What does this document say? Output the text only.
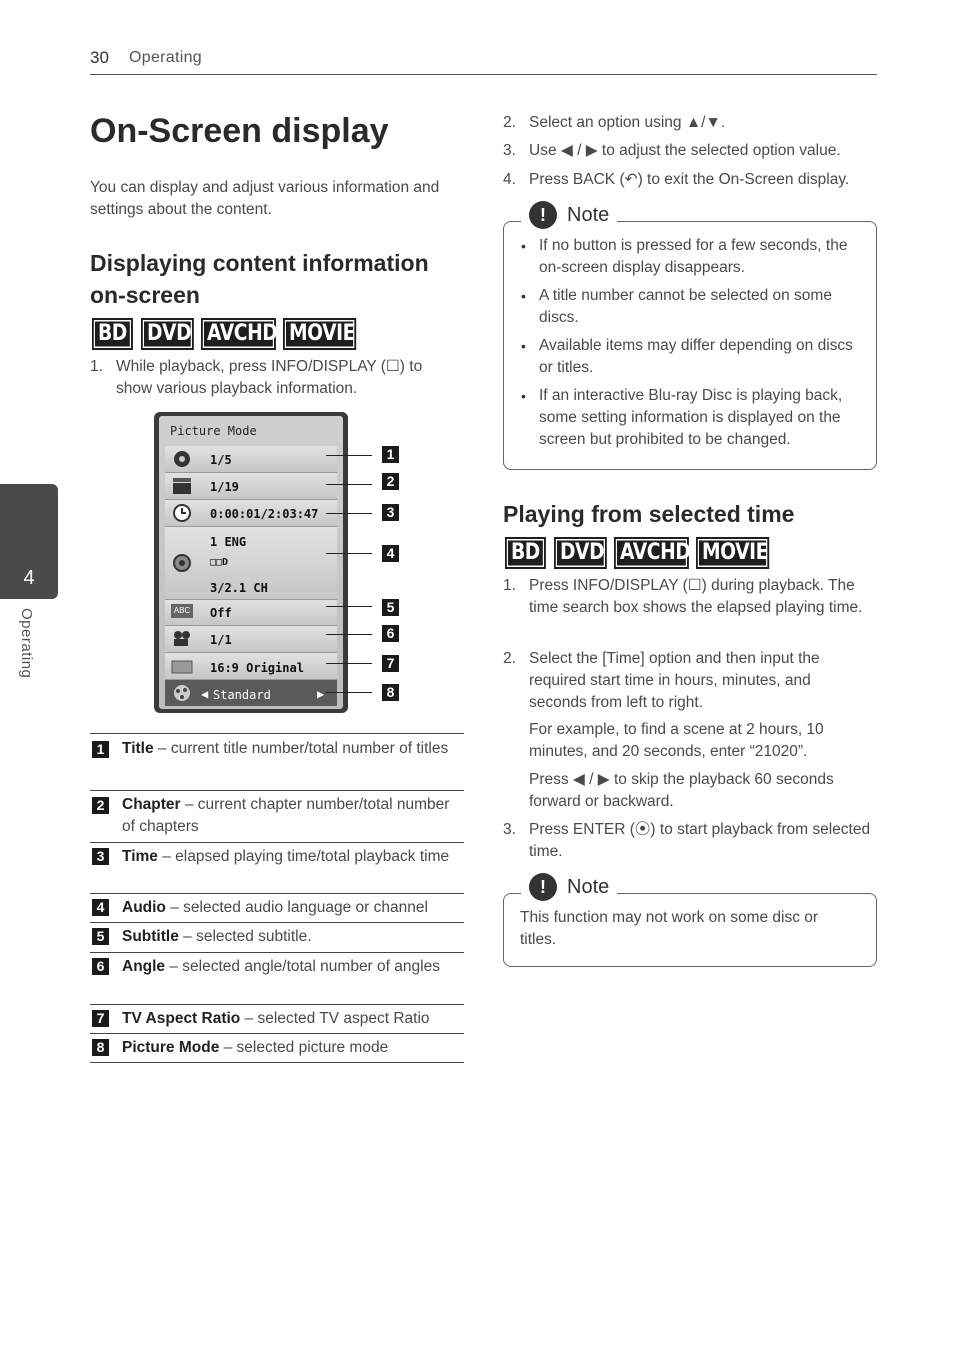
30 Operating
4
Operating
On-Screen display
You can display and adjust various information and settings about the content.
Displaying content information
on-screen
BD DVD AVCHD MOVIE
1. While playback, press INFO/DISPLAY (☐) to
show various playback information.
Picture Mode
1/5
1/19
0:00:01/2:03:47
1 ENG
□□D
3/2.1 CH
ABC Off
1/1
16:9 Original
◀ Standard	▶
1
2
3
4
5
6
7
8
1 Title – current title number/total number of titles
2 Chapter – current chapter number/total number of chapters
3 Time – elapsed playing time/total playback time
4 Audio – selected audio language or channel
5 Subtitle – selected subtitle.
6 Angle – selected angle/total number of angles
7 TV Aspect Ratio – selected TV aspect Ratio
8 Picture Mode – selected picture mode
2. Select an option using ▲/▼.
3. Use ◀ / ▶ to adjust the selected option value.
4. Press BACK (↶) to exit the On-Screen display.
• If no button is pressed for a few seconds, the on-screen display disappears.
• A title number cannot be selected on some discs.
• Available items may differ depending on discs or titles.
• If an interactive Blu-ray Disc is playing back, some setting information is displayed on the screen but prohibited to be changed.
!	Note
Playing from selected time
BD DVD AVCHD MOVIE
1. Press INFO/DISPLAY (☐) during playback. The time search box shows the elapsed playing time.
2. Select the [Time] option and then input the required start time in hours, minutes, and seconds from left to right.
For example, to find a scene at 2 hours, 10 minutes, and 20 seconds, enter “21020”.
Press ◀ / ▶ to skip the playback 60 seconds forward or backward.
3. Press ENTER (⦿) to start playback from selected time.
This function may not work on some disc or titles.
!	Note
